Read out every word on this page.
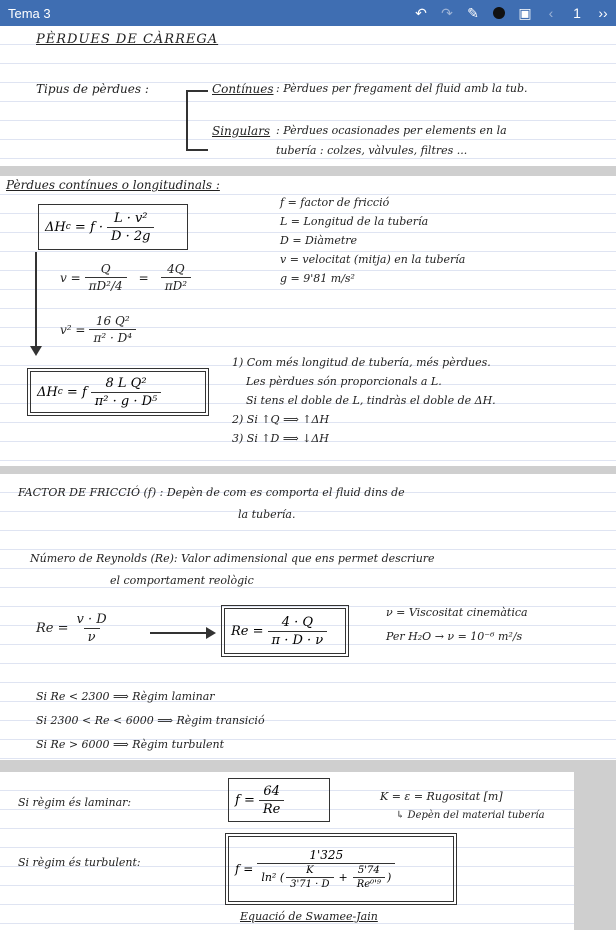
Tema 3	↶	↷	✎	▣	‹	1	››
PÈRDUES DE CÀRREGA
Tipus de pèrdues :	Contínues : Pèrdues per fregament del fluid amb la tub.
Singulars : Pèrdues ocasionades per elements en la
tubería : colzes, vàlvules, filtres ...
Pèrdues contínues o longitudinals :
ΔH $c = f \cdot \frac{\text{L · v²}}{D \cdot 2g}$
f = factor de fricció
L = Longitud de la tubería
D = Diàmetre
v = velocitat (mitja) en la tubería
g = 9'81 m/s²
$v = \frac{Q}{\text{πD²/4}} = \frac{4Q}{\text{πD²}}$
$v^2 = \frac{\text{16 Q²}}{\text{π² · D⁴}}$
ΔH c = f $\frac{\text{8 L Q²}}{\text{π² · g · D⁵}}$
1) Com més longitud de tubería, més pèrdues.
Les pèrdues són proporcionals a L.
Si tens el doble de L, tindràs el doble de ΔH.
2) Si ↑Q ⟹ ↑ΔH
3) Si ↑D ⟹ ↓ΔH
FACTOR DE FRICCIÓ (f) : Depèn de com es comporta el fluid dins de
la tubería.
Número de Reynolds (Re): Valor adimensional que ens permet descriure
el comportament reològic
$Re = \frac{v \cdot D}{\nu}$	$Re = \frac{4 \cdot Q}{\pi \cdot D \cdot \nu}$
ν = Viscositat cinemàtica
Per H₂O → ν = 10⁻⁶ m²/s
Si Re < 2300 ⟹ Règim laminar
Si 2300 < Re < 6000 ⟹ Règim transició
Si Re > 6000 ⟹ Règim turbulent
Si règim és laminar:	$f = \frac{64}{Re}$	K = ε = Rugositat [m]
↳ Depèn del material tubería
Si règim és turbulent:	f =
1'325
ln² ( $\frac{K}{3'71 \cdot D} + \frac{5'74}{\text{Re⁰'⁹}}$ )
Equació de Swamee-Jain
